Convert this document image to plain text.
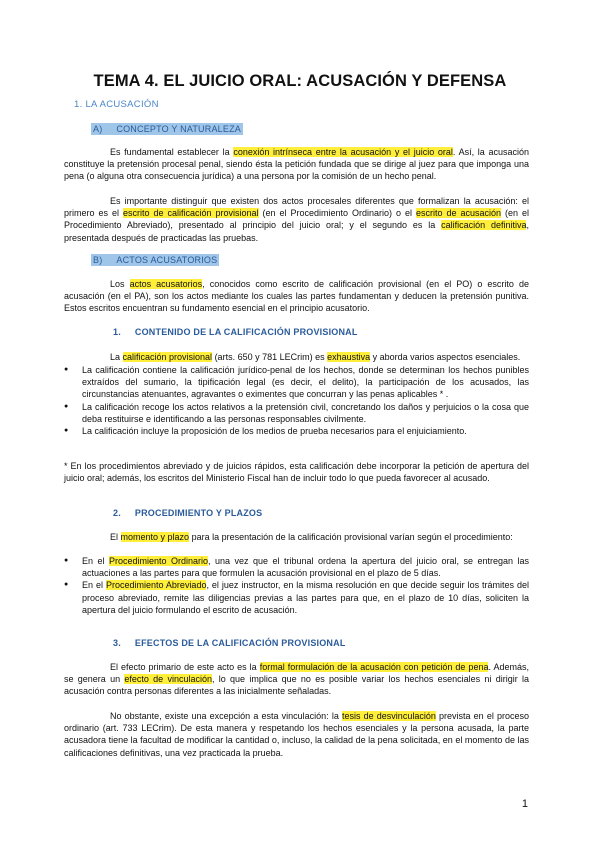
TEMA 4. EL JUICIO ORAL: ACUSACIÓN Y DEFENSA
1. LA ACUSACIÓN
A) CONCEPTO Y NATURALEZA
Es fundamental establecer la conexión intrínseca entre la acusación y el juicio oral. Así, la acusación constituye la pretensión procesal penal, siendo ésta la petición fundada que se dirige al juez para que imponga una pena (o alguna otra consecuencia jurídica) a una persona por la comisión de un hecho penal.
Es importante distinguir que existen dos actos procesales diferentes que formalizan la acusación: el primero es el escrito de calificación provisional (en el Procedimiento Ordinario) o el escrito de acusación (en el Procedimiento Abreviado), presentado al principio del juicio oral; y el segundo es la calificación definitiva, presentada después de practicadas las pruebas.
B) ACTOS ACUSATORIOS
Los actos acusatorios, conocidos como escrito de calificación provisional (en el PO) o escrito de acusación (en el PA), son los actos mediante los cuales las partes fundamentan y deducen la pretensión punitiva. Estos escritos encuentran su fundamento esencial en el principio acusatorio.
1. CONTENIDO DE LA CALIFICACIÓN PROVISIONAL
La calificación provisional (arts. 650 y 781 LECrim) es exhaustiva y aborda varios aspectos esenciales.
● La calificación contiene la calificación jurídico-penal de los hechos, donde se determinan los hechos punibles extraídos del sumario, la tipificación legal (es decir, el delito), la participación de los acusados, las circunstancias atenuantes, agravantes o eximentes que concurran y las penas aplicables * .
● La calificación recoge los actos relativos a la pretensión civil, concretando los daños y perjuicios o la cosa que deba restituirse e identificando a las personas responsables civilmente.
● La calificación incluye la proposición de los medios de prueba necesarios para el enjuiciamiento.
* En los procedimientos abreviado y de juicios rápidos, esta calificación debe incorporar la petición de apertura del juicio oral; además, los escritos del Ministerio Fiscal han de incluir todo lo que pueda favorecer al acusado.
2. PROCEDIMIENTO Y PLAZOS
El momento y plazo para la presentación de la calificación provisional varían según el procedimiento:
● En el Procedimiento Ordinario, una vez que el tribunal ordena la apertura del juicio oral, se entregan las actuaciones a las partes para que formulen la acusación provisional en el plazo de 5 días.
● En el Procedimiento Abreviado, el juez instructor, en la misma resolución en que decide seguir los trámites del proceso abreviado, remite las diligencias previas a las partes para que, en el plazo de 10 días, soliciten la apertura del juicio formulando el escrito de acusación.
3. EFECTOS DE LA CALIFICACIÓN PROVISIONAL
El efecto primario de este acto es la formal formulación de la acusación con petición de pena. Además, se genera un efecto de vinculación, lo que implica que no es posible variar los hechos esenciales ni dirigir la acusación contra personas diferentes a las inicialmente señaladas.
No obstante, existe una excepción a esta vinculación: la tesis de desvinculación prevista en el proceso ordinario (art. 733 LECrim). De esta manera y respetando los hechos esenciales y la persona acusada, la parte acusadora tiene la facultad de modificar la cantidad o, incluso, la calidad de la pena solicitada, en el momento de las calificaciones definitivas, una vez practicada la prueba.
1
